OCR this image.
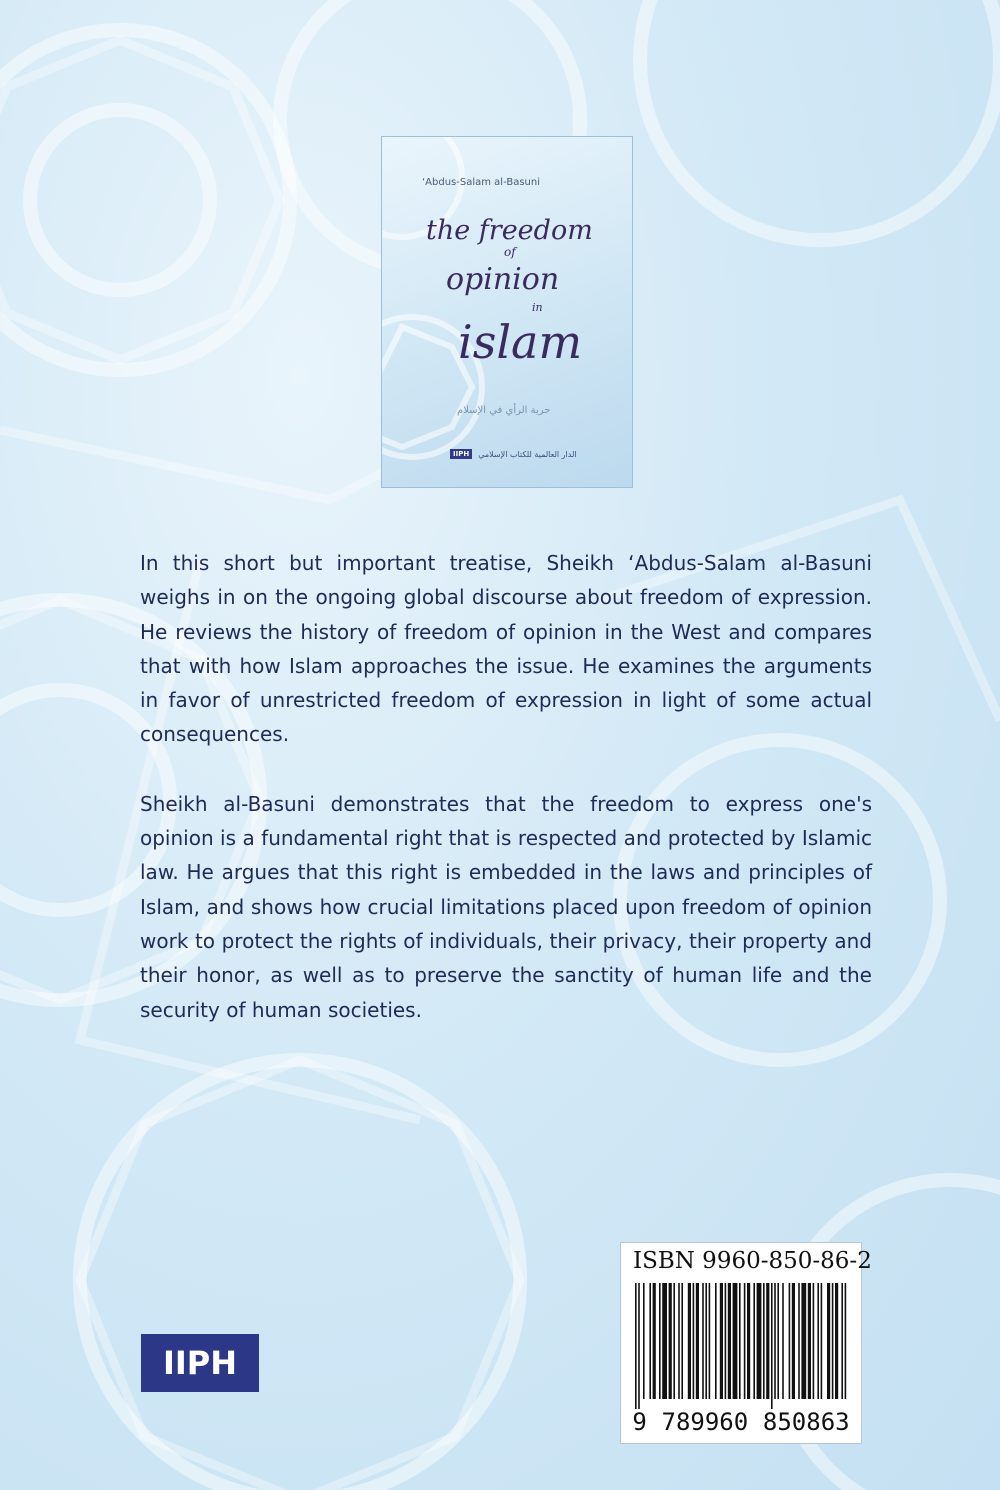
‘Abdus-Salam al-Basuni
the freedom
of
opinion
in
islam
حرية الرأي في الإسلام
IIPH	الدار العالمية للكتاب الإسلامي

In this short but important treatise, Sheikh ‘Abdus-Salam al-Basuni weighs in on the ongoing global discourse about freedom of expression. He reviews the history of freedom of opinion in the West and compares that with how Islam approaches the issue. He examines the arguments in favor of unrestricted freedom of expression in light of some actual consequences.

Sheikh al-Basuni demonstrates that the freedom to express one's opinion is a fundamental right that is respected and protected by Islamic law. He argues that this right is embedded in the laws and principles of Islam, and shows how crucial limitations placed upon freedom of opinion work to protect the rights of individuals, their privacy, their property and their honor, as well as to preserve the sanctity of human life and the security of human societies.

IIPH
ISBN 9960-850-86-2
9 789960 850863
